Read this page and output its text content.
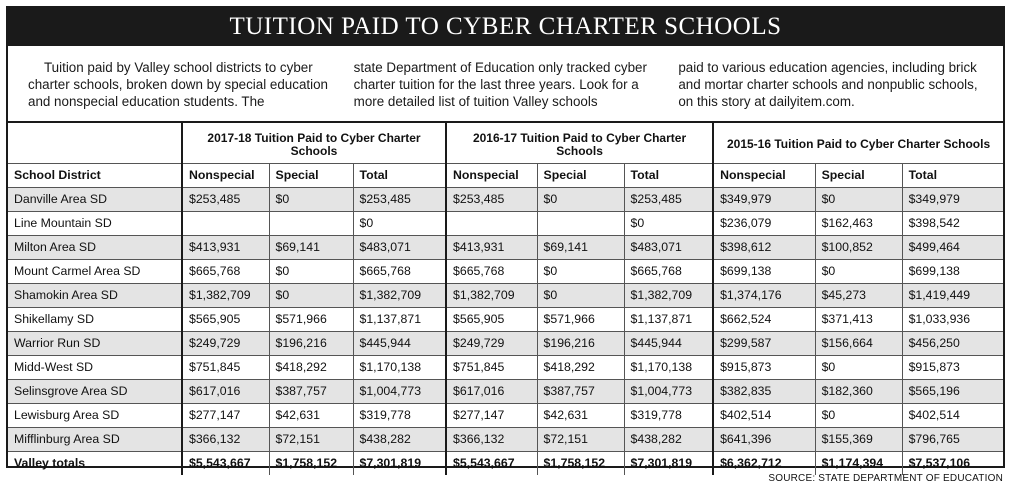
TUITION PAID TO CYBER CHARTER SCHOOLS

Tuition paid by Valley school districts to cyber charter schools, broken down by special education and nonspecial education students. The

state Department of Education only tracked cyber charter tuition for the last three years. Look for a more detailed list of tuition Valley schools

paid to various education agencies, including brick and mortar charter schools and nonpublic schools, on this story at dailyitem.com.

	2017-18 Tuition Paid to Cyber Charter Schools			2016-17 Tuition Paid to Cyber Charter Schools			2015-16 Tuition Paid to Cyber Charter Schools		
School District	Nonspecial	Special	Total	Nonspecial	Special	Total	Nonspecial	Special	Total
Danville Area SD	$253,485	$0	$253,485	$253,485	$0	$253,485	$349,979	$0	$349,979
Line Mountain SD			$0			$0	$236,079	$162,463	$398,542
Milton Area SD	$413,931	$69,141	$483,071	$413,931	$69,141	$483,071	$398,612	$100,852	$499,464
Mount Carmel Area SD	$665,768	$0	$665,768	$665,768	$0	$665,768	$699,138	$0	$699,138
Shamokin Area SD	$1,382,709	$0	$1,382,709	$1,382,709	$0	$1,382,709	$1,374,176	$45,273	$1,419,449
Shikellamy SD	$565,905	$571,966	$1,137,871	$565,905	$571,966	$1,137,871	$662,524	$371,413	$1,033,936
Warrior Run SD	$249,729	$196,216	$445,944	$249,729	$196,216	$445,944	$299,587	$156,664	$456,250
Midd-West SD	$751,845	$418,292	$1,170,138	$751,845	$418,292	$1,170,138	$915,873	$0	$915,873
Selinsgrove Area SD	$617,016	$387,757	$1,004,773	$617,016	$387,757	$1,004,773	$382,835	$182,360	$565,196
Lewisburg Area SD	$277,147	$42,631	$319,778	$277,147	$42,631	$319,778	$402,514	$0	$402,514
Mifflinburg Area SD	$366,132	$72,151	$438,282	$366,132	$72,151	$438,282	$641,396	$155,369	$796,765
Valley totals	$5,543,667	$1,758,152	$7,301,819	$5,543,667	$1,758,152	$7,301,819	$6,362,712	$1,174,394	$7,537,106
SOURCE: STATE DEPARTMENT OF EDUCATION
